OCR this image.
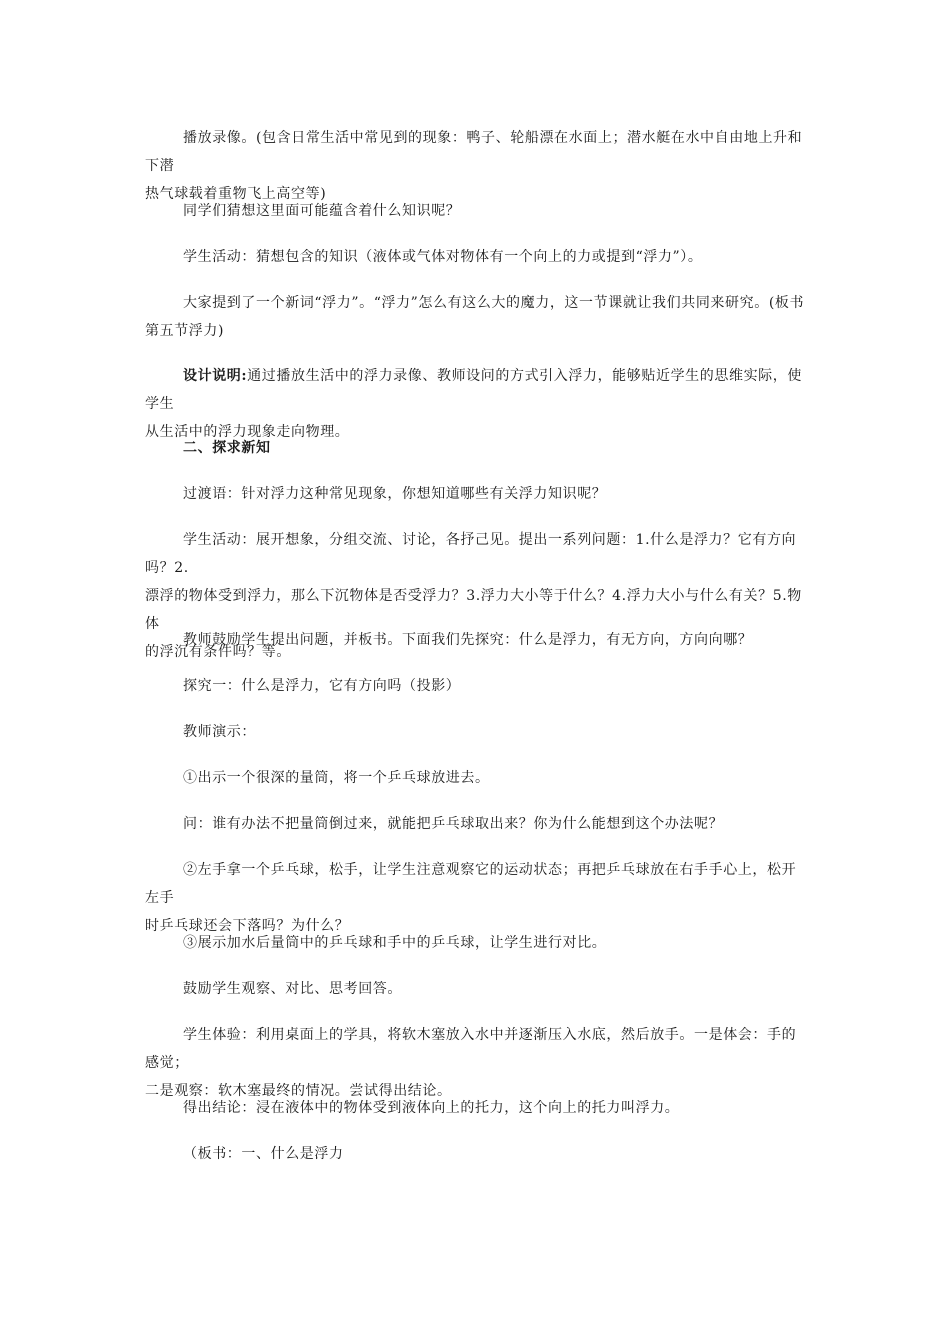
播放录像。(包含日常生活中常见到的现象：鸭子、轮船漂在水面上；潜水艇在水中自由地上升和下潜
热气球载着重物飞上高空等)

同学们猜想这里面可能蕴含着什么知识呢？

学生活动：猜想包含的知识（液体或气体对物体有一个向上的力或提到“浮力”）。

大家提到了一个新词“浮力”。“浮力”怎么有这么大的魔力，这一节课就让我们共同来研究。(板书
第五节浮力)

设计说明:通过播放生活中的浮力录像、教师设问的方式引入浮力，能够贴近学生的思维实际，使学生
从生活中的浮力现象走向物理。

二、探求新知

过渡语：针对浮力这种常见现象，你想知道哪些有关浮力知识呢？

学生活动：展开想象，分组交流、讨论，各抒己见。提出一系列问题：1.什么是浮力？它有方向吗？2.
漂浮的物体受到浮力，那么下沉物体是否受浮力？3.浮力大小等于什么？4.浮力大小与什么有关？5.物体
的浮沉有条件吗？等。

教师鼓励学生提出问题，并板书。下面我们先探究：什么是浮力，有无方向，方向向哪？

探究一：什么是浮力，它有方向吗（投影）

教师演示：

①出示一个很深的量筒，将一个乒乓球放进去。

问：谁有办法不把量筒倒过来，就能把乒乓球取出来？你为什么能想到这个办法呢？

②左手拿一个乒乓球，松手，让学生注意观察它的运动状态；再把乒乓球放在右手手心上，松开左手
时乒乓球还会下落吗？为什么？

③展示加水后量筒中的乒乓球和手中的乒乓球，让学生进行对比。

鼓励学生观察、对比、思考回答。

学生体验：利用桌面上的学具，将软木塞放入水中并逐渐压入水底，然后放手。一是体会：手的感觉；
二是观察：软木塞最终的情况。尝试得出结论。

得出结论：浸在液体中的物体受到液体向上的托力，这个向上的托力叫浮力。

（板书：一、什么是浮力
